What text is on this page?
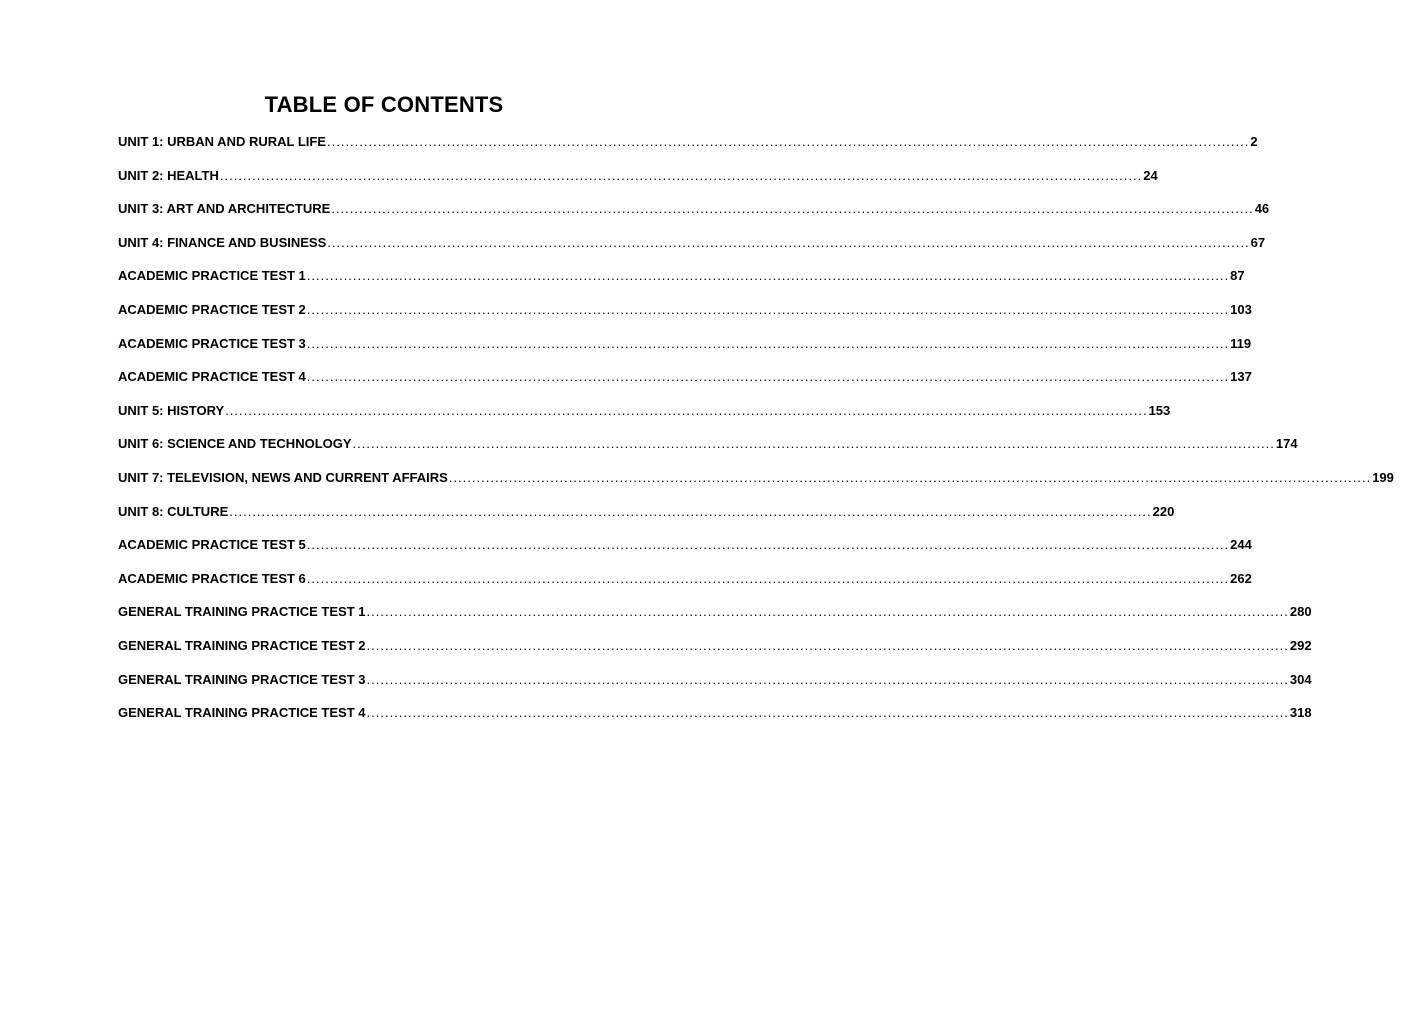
TABLE OF CONTENTS
UNIT 1: URBAN AND RURAL LIFE ........................................................................................................................................................................................................ 2
UNIT 2: HEALTH ........................................................................................................................................................................................................ 24
UNIT 3: ART AND ARCHITECTURE ........................................................................................................................................................................................................ 46
UNIT 4: FINANCE AND BUSINESS ........................................................................................................................................................................................................ 67
ACADEMIC PRACTICE TEST 1 ........................................................................................................................................................................................................ 87
ACADEMIC PRACTICE TEST 2 ........................................................................................................................................................................................................ 103
ACADEMIC PRACTICE TEST 3 ........................................................................................................................................................................................................ 119
ACADEMIC PRACTICE TEST 4 ........................................................................................................................................................................................................ 137
UNIT 5: HISTORY ........................................................................................................................................................................................................ 153
UNIT 6: SCIENCE AND TECHNOLOGY ........................................................................................................................................................................................................ 174
UNIT 7: TELEVISION, NEWS AND CURRENT AFFAIRS ........................................................................................................................................................................................................ 199
UNIT 8: CULTURE ........................................................................................................................................................................................................ 220
ACADEMIC PRACTICE TEST 5 ........................................................................................................................................................................................................ 244
ACADEMIC PRACTICE TEST 6 ........................................................................................................................................................................................................ 262
GENERAL TRAINING PRACTICE TEST 1 ........................................................................................................................................................................................................ 280
GENERAL TRAINING PRACTICE TEST 2 ........................................................................................................................................................................................................ 292
GENERAL TRAINING PRACTICE TEST 3 ........................................................................................................................................................................................................ 304
GENERAL TRAINING PRACTICE TEST 4 ........................................................................................................................................................................................................ 318
